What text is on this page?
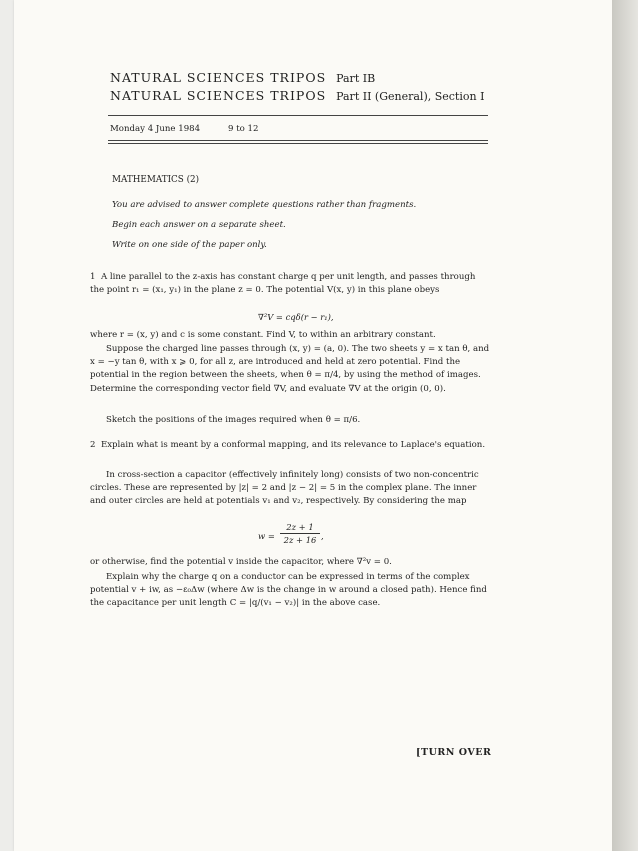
NATURAL SCIENCES TRIPOS Part IB
NATURAL SCIENCES TRIPOS Part II (General), Section I
Monday 4 June 1984	9 to 12
MATHEMATICS (2)
You are advised to answer complete questions rather than fragments.
Begin each answer on a separate sheet.
Write on one side of the paper only.
1 A line parallel to the z-axis has constant charge q per unit length, and passes through the point r₁ = (x₁, y₁) in the plane z = 0. The potential V(x, y) in this plane obeys
∇²V = cqδ(r − r₁),
where r = (x, y) and c is some constant. Find V, to within an arbitrary constant.
Suppose the charged line passes through (x, y) = (a, 0). The two sheets y = x tan θ, and x = −y tan θ, with x ⩾ 0, for all z, are introduced and held at zero potential. Find the potential in the region between the sheets, when θ = π/4, by using the method of images. Determine the corresponding vector field ∇V, and evaluate ∇V at the origin (0, 0).
Sketch the positions of the images required when θ = π/6.
2 Explain what is meant by a conformal mapping, and its relevance to Laplace's equation.
In cross-section a capacitor (effectively infinitely long) consists of two non-concentric circles. These are represented by |z| = 2 and |z − 2| = 5 in the complex plane. The inner and outer circles are held at potentials v₁ and v₂, respectively. By considering the map
w =
2z + 1
2z + 16 ,
or otherwise, find the potential v inside the capacitor, where ∇²v = 0.
Explain why the charge q on a conductor can be expressed in terms of the complex potential v + iw, as −ε₀Δw (where Δw is the change in w around a closed path). Hence find the capacitance per unit length C = |q/(v₁ − v₂)| in the above case.
[TURN OVER
